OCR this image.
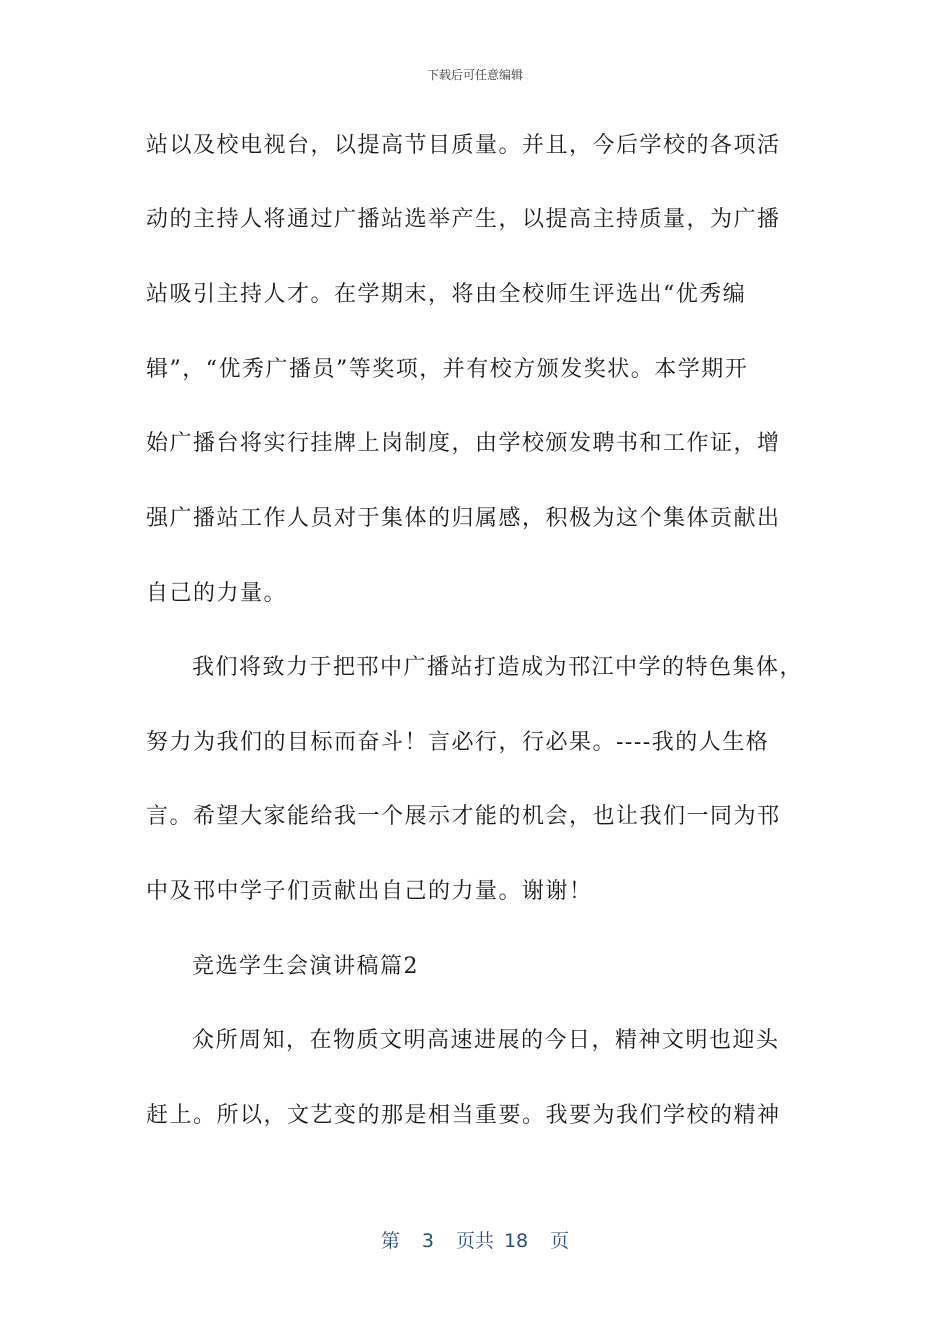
下载后可任意编辑
站以及校电视台，以提高节目质量。并且，今后学校的各项活
动的主持人将通过广播站选举产生，以提高主持质量，为广播
站吸引主持人才。在学期末，将由全校师生评选出“优秀编
辑”，“优秀广播员”等奖项，并有校方颁发奖状。本学期开
始广播台将实行挂牌上岗制度，由学校颁发聘书和工作证，增
强广播站工作人员对于集体的归属感，积极为这个集体贡献出
自己的力量。
我们将致力于把邗中广播站打造成为邗江中学的特色集体，
努力为我们的目标而奋斗！言必行，行必果。----我的人生格
言。希望大家能给我一个展示才能的机会，也让我们一同为邗
中及邗中学子们贡献出自己的力量。谢谢！
竞选学生会演讲稿篇2
众所周知，在物质文明高速进展的今日，精神文明也迎头
赶上。所以，文艺变的那是相当重要。我要为我们学校的精神
第 3 页共 18 页
